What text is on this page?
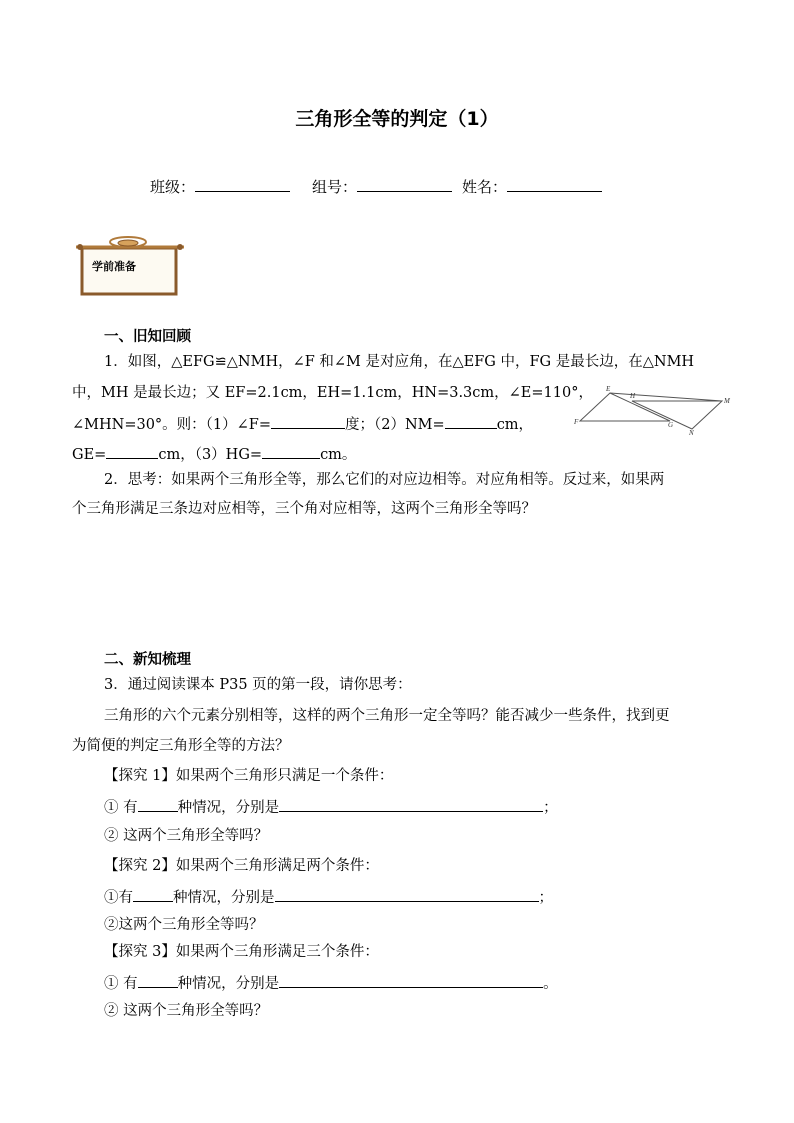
三角形全等的判定（1）
班级：	组号：	姓名：
学前准备
一、旧知回顾
1．如图，△EFG≌△NMH，∠F 和∠M 是对应角，在△EFG 中，FG 是最长边，在△NMH
中，MH 是最长边；又 EF=2.1cm，EH=1.1cm，HN=3.3cm，∠E=110°，
∠MHN=30°。则：（1）∠F=	度；（2）NM=	cm，
GE=	cm，（3）HG=	cm。
E
H
M
F	G
N
2．思考：如果两个三角形全等，那么它们的对应边相等。对应角相等。反过来，如果两
个三角形满足三条边对应相等，三个角对应相等，这两个三角形全等吗？
二、新知梳理
3．通过阅读课本 P35 页的第一段，请你思考：
三角形的六个元素分别相等，这样的两个三角形一定全等吗？能否减少一些条件，找到更
为简便的判定三角形全等的方法？
【探究 1】如果两个三角形只满足一个条件：
① 有	种情况，分别是	；
② 这两个三角形全等吗？
【探究 2】如果两个三角形满足两个条件：
①有	种情况，分别是	；
②这两个三角形全等吗？
【探究 3】如果两个三角形满足三个条件：
① 有	种情况，分别是	。
② 这两个三角形全等吗？
